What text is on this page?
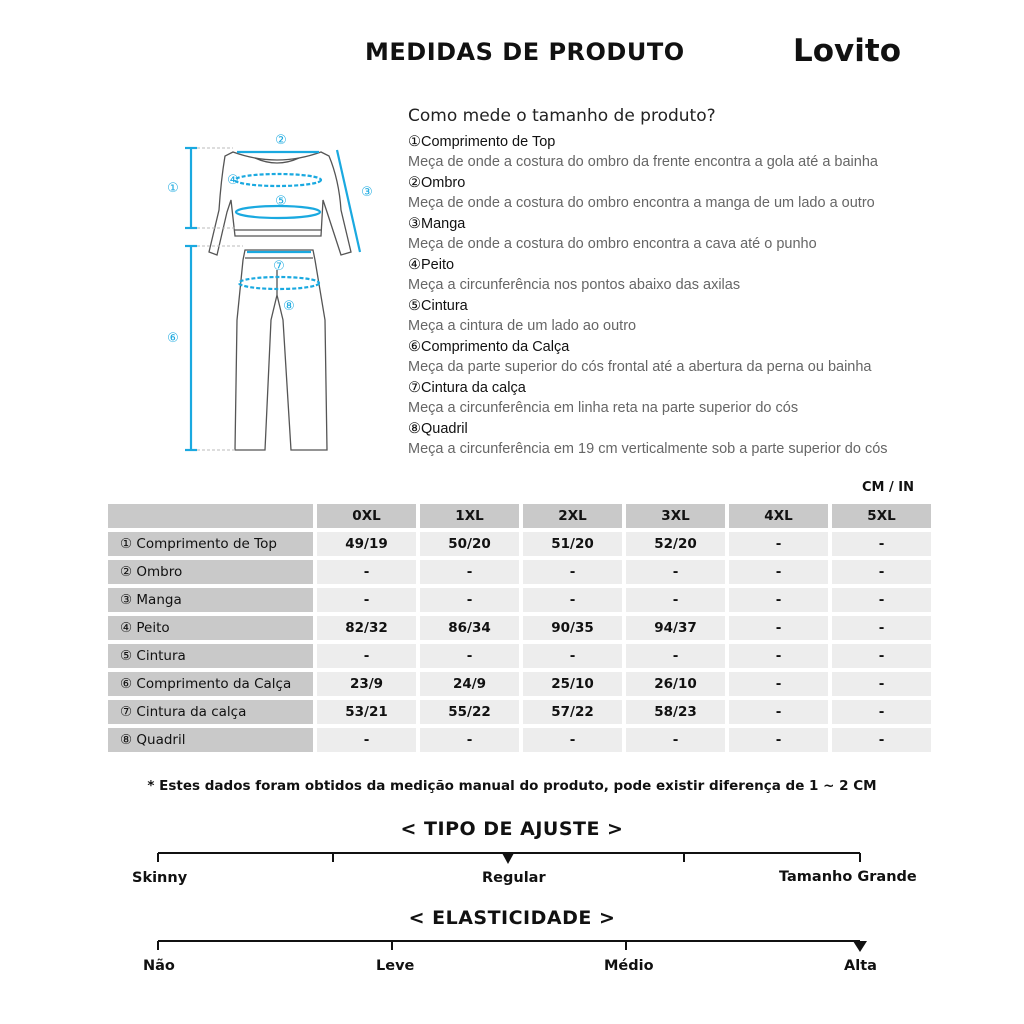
MEDIDAS DE PRODUTO	Lovito
①
②
③
④
⑤
⑥
⑦
⑧
Como mede o tamanho de produto?
①Comprimento de Top
Meça de onde a costura do ombro da frente encontra a gola até a bainha
②Ombro
Meça de onde a costura do ombro encontra a manga de um lado a outro
③Manga
Meça de onde a costura do ombro encontra a cava até o punho
④Peito
Meça a circunferência nos pontos abaixo das axilas
⑤Cintura
Meça a cintura de um lado ao outro
⑥Comprimento da Calça
Meça da parte superior do cós frontal até a abertura da perna ou bainha
⑦Cintura da calça
Meça a circunferência em linha reta na parte superior do cós
⑧Quadril
Meça a circunferência em 19 cm verticalmente sob a parte superior do cós
CM / IN
	0XL	1XL	2XL	3XL	4XL	5XL
① Comprimento de Top	49/19	50/20	51/20	52/20	-	-
② Ombro	-	-	-	-	-	-
③ Manga	-	-	-	-	-	-
④ Peito	82/32	86/34	90/35	94/37	-	-
⑤ Cintura	-	-	-	-	-	-
⑥ Comprimento da Calça	23/9	24/9	25/10	26/10	-	-
⑦ Cintura da calça	53/21	55/22	57/22	58/23	-	-
⑧ Quadril	-	-	-	-	-	-
* Estes dados foram obtidos da medição manual do produto, pode existir diferença de 1 ~ 2 CM
< TIPO DE AJUSTE >
Skinny	Regular	Tamanho Grande
< ELASTICIDADE >
Não	Leve	Médio	Alta
